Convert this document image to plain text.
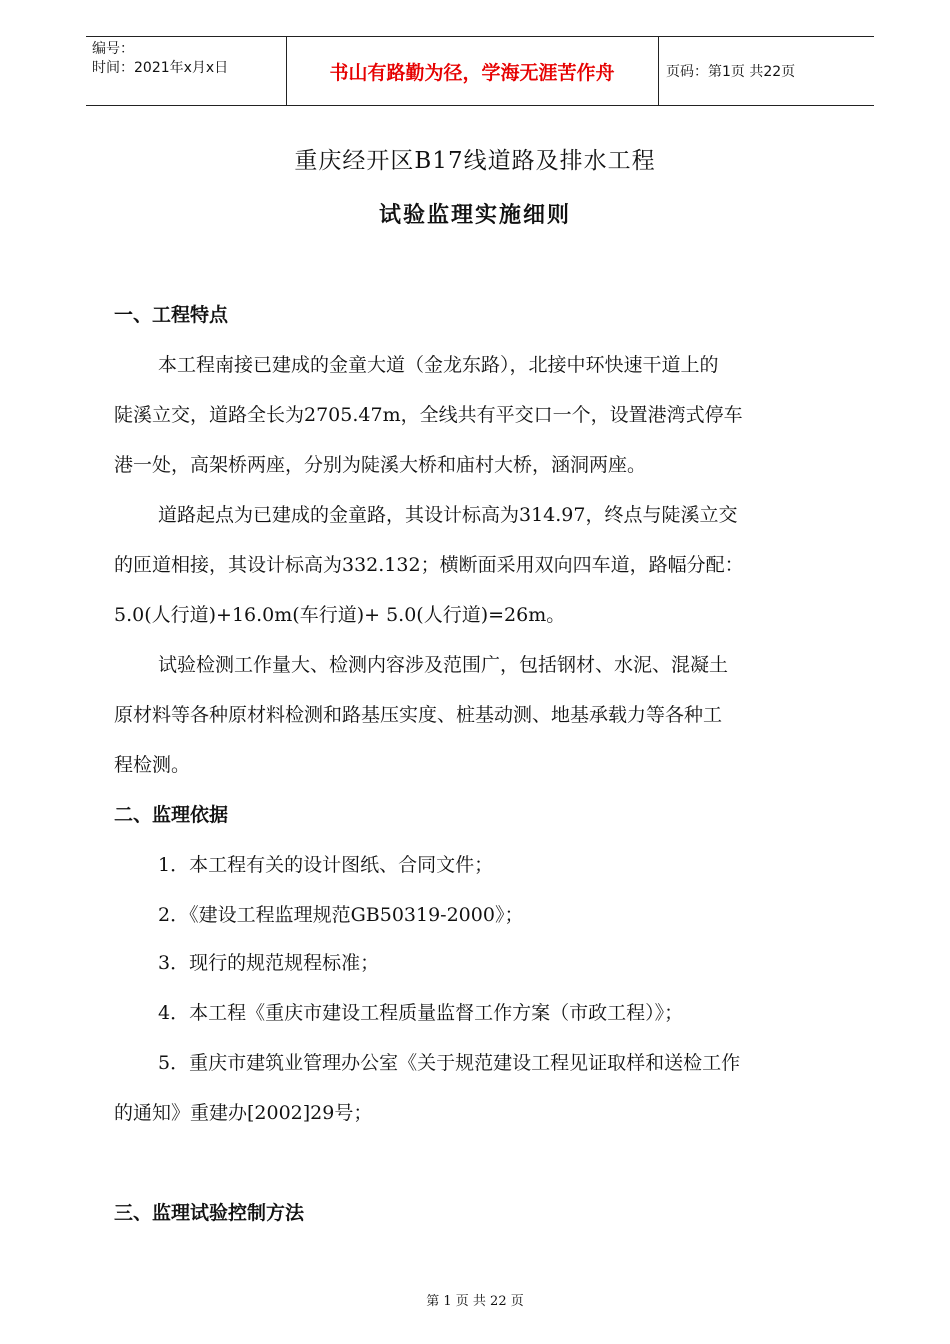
编号：
时间：2021年x月x日	书山有路勤为径，学海无涯苦作舟	页码：第1页 共22页
重庆经开区B17线道路及排水工程
试验监理实施细则
一、工程特点
本工程南接已建成的金童大道（金龙东路），北接中环快速干道上的
陡溪立交，道路全长为2705.47m，全线共有平交口一个，设置港湾式停车
港一处，高架桥两座，分别为陡溪大桥和庙村大桥，涵洞两座。
道路起点为已建成的金童路，其设计标高为314.97，终点与陡溪立交
的匝道相接，其设计标高为332.132；横断面采用双向四车道，路幅分配：
5.0(人行道)+16.0m(车行道)+ 5.0(人行道)=26m。
试验检测工作量大、检测内容涉及范围广，包括钢材、水泥、混凝土
原材料等各种原材料检测和路基压实度、桩基动测、地基承载力等各种工
程检测。
二、监理依据
1．本工程有关的设计图纸、合同文件；
2．《建设工程监理规范GB50319-2000》；
3．现行的规范规程标准；
4．本工程《重庆市建设工程质量监督工作方案（市政工程）》；
5．重庆市建筑业管理办公室《关于规范建设工程见证取样和送检工作
的通知》重建办[2002]29号；
三、监理试验控制方法
第 1 页 共 22 页
